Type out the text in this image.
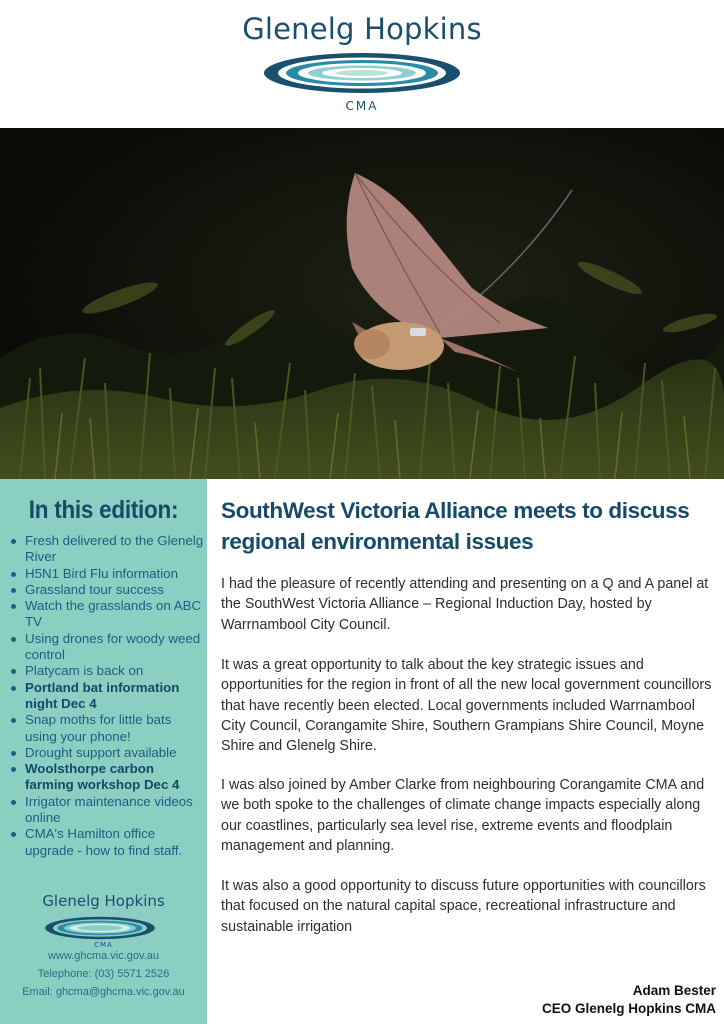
Glenelg Hopkins
CMA
In this edition:
Fresh delivered to the Glenelg River
H5N1 Bird Flu information
Grassland tour success
Watch the grasslands on ABC TV
Using drones for woody weed control
Platycam is back on
Portland bat information night Dec 4
Snap moths for little bats using your phone!
Drought support available
Woolsthorpe carbon farming workshop Dec 4
Irrigator maintenance videos online
CMA's Hamilton office upgrade - how to find staff.
Glenelg Hopkins
CMA
www.ghcma.vic.gov.au
Telephone: (03) 5571 2526
Email: ghcma@ghcma.vic.gov.au
SouthWest Victoria Alliance meets to discuss regional environmental issues
I had the pleasure of recently attending and presenting on a Q and A panel at the SouthWest Victoria Alliance – Regional Induction Day, hosted by Warrnambool City Council.
It was a great opportunity to talk about the key strategic issues and opportunities for the region in front of all the new local government councillors that have recently been elected. Local governments included Warrnambool City Council, Corangamite Shire, Southern Grampians Shire Council, Moyne Shire and Glenelg Shire.
I was also joined by Amber Clarke from neighbouring Corangamite CMA and we both spoke to the challenges of climate change impacts especially along our coastlines, particularly sea level rise, extreme events and floodplain management and planning.
It was also a good opportunity to discuss future opportunities with councillors that focused on the natural capital space, recreational infrastructure and sustainable irrigation
Adam Bester
CEO Glenelg Hopkins CMA
